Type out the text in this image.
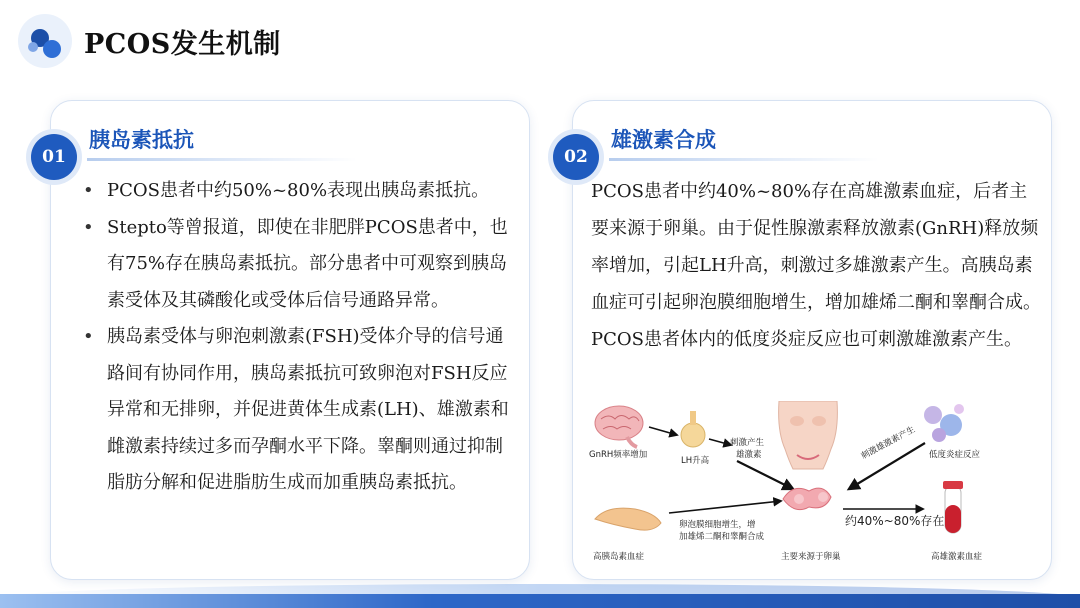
PCOS发生机制
01
胰岛素抵抗
• PCOS患者中约50%~80%表现出胰岛素抵抗。
• Stepto等曾报道，即使在非肥胖PCOS患者中，也有75%存在胰岛素抵抗。部分患者中可观察到胰岛素受体及其磷酸化或受体后信号通路异常。
• 胰岛素受体与卵泡刺激素(FSH)受体介导的信号通路间有协同作用，胰岛素抵抗可致卵泡对FSH反应异常和无排卵，并促进黄体生成素(LH)、雄激素和雌激素持续过多而孕酮水平下降。睾酮则通过抑制脂肪分解和促进脂肪生成而加重胰岛素抵抗。
02
雄激素合成

PCOS患者中约40%~80%存在高雄激素血症，后者主要来源于卵巢。由于促性腺激素释放激素(GnRH)释放频率增加，引起LH升高，刺激过多雄激素产生。高胰岛素血症可引起卵泡膜细胞增生，增加雄烯二酮和睾酮合成。PCOS患者体内的低度炎症反应也可刺激雄激素产生。

GnRH频率增加
LH升高
刺激产生
雄激素	低度炎症反应
刺激雄激素产生
高胰岛素血症
卵泡膜细胞增生，增
加雄烯二酮和睾酮合成
主要来源于卵巢
约40%~80%存在
高雄激素血症
